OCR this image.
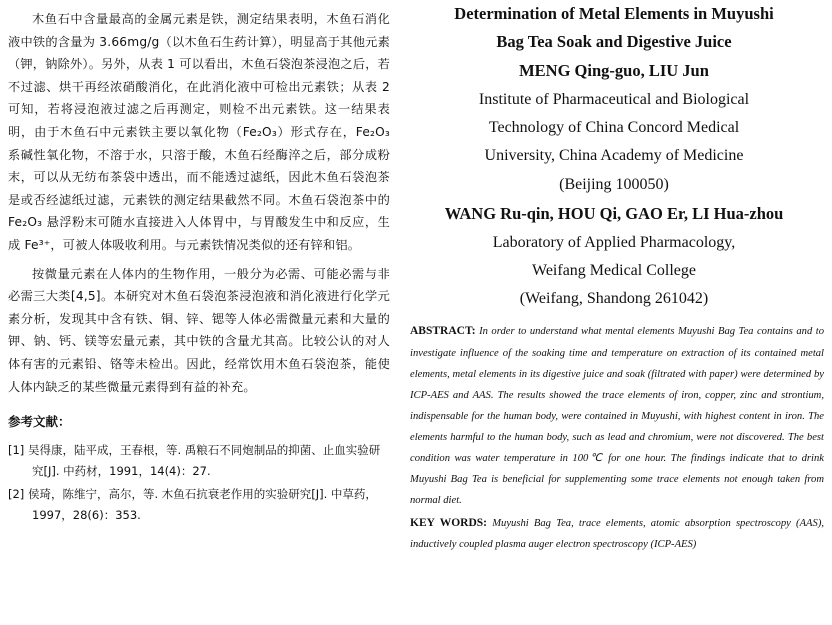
木鱼石中含量最高的金属元素是铁，测定结果表明，木鱼石消化液中铁的含量为 3.66mg/g（以木鱼石生药计算），明显高于其他元素（钾，钠除外）。另外，从表 1 可以看出，木鱼石袋泡茶浸泡之后，若不过滤、烘干再经浓硝酸消化，在此消化液中可检出元素铁；从表 2 可知，若将浸泡液过滤之后再测定，则检不出元素铁。这一结果表明，由于木鱼石中元素铁主要以氧化物（Fe₂O₃）形式存在，Fe₂O₃ 系碱性氧化物，不溶于水，只溶于酸，木鱼石经酶淬之后，部分成粉末，可以从无纺布茶袋中透出，而不能透过滤纸，因此木鱼石袋泡茶是或否经滤纸过滤，元素铁的测定结果截然不同。木鱼石袋泡茶中的 Fe₂O₃ 悬浮粉末可随水直接进入人体胃中，与胃酸发生中和反应，生成 Fe³⁺，可被人体吸收利用。与元素铁情况类似的还有锌和铝。

按微量元素在人体内的生物作用，一般分为必需、可能必需与非必需三大类[4,5]。本研究对木鱼石袋泡茶浸泡液和消化液进行化学元素分析，发现其中含有铁、铜、锌、锶等人体必需微量元素和大量的钾、钠、钙、镁等宏量元素，其中铁的含量尤其高。比较公认的对人体有害的元素铅、铬等未检出。因此，经常饮用木鱼石袋泡茶，能使人体内缺乏的某些微量元素得到有益的补充。

参考文献：

[1] 吴得康，陆平成，王春根，等. 禹粮石不同炮制品的抑菌、止血实验研究[J]. 中药材，1991，14(4)：27.

[2] 侯琦，陈维宁，高尔，等. 木鱼石抗衰老作用的实验研究[J]. 中草药，1997，28(6)：353.

Determination of Metal Elements in Muyushi

Bag Tea Soak and Digestive Juice

MENG Qing-guo, LIU Jun

Institute of Pharmaceutical and Biological

Technology of China Concord Medical

University, China Academy of Medicine

(Beijing 100050)

WANG Ru-qin, HOU Qi, GAO Er, LI Hua-zhou

Laboratory of Applied Pharmacology,

Weifang Medical College

(Weifang, Shandong 261042)

ABSTRACT: In order to understand what mental elements Muyushi Bag Tea contains and to investigate influence of the soaking time and temperature on extraction of its contained metal elements, metal elements in its digestive juice and soak (filtrated with paper) were determined by ICP-AES and AAS. The results showed the trace elements of iron, copper, zinc and strontium, indispensable for the human body, were contained in Muyushi, with highest content in iron. The elements harmful to the human body, such as lead and chromium, were not discovered. The best condition was water temperature in 100℃ for one hour. The findings indicate that to drink Muyushi Bag Tea is beneficial for supplementing some trace elements not enough taken from normal diet.

KEY WORDS: Muyushi Bag Tea, trace elements, atomic absorption spectroscopy (AAS), inductively coupled plasma auger electron spectroscopy (ICP-AES)
